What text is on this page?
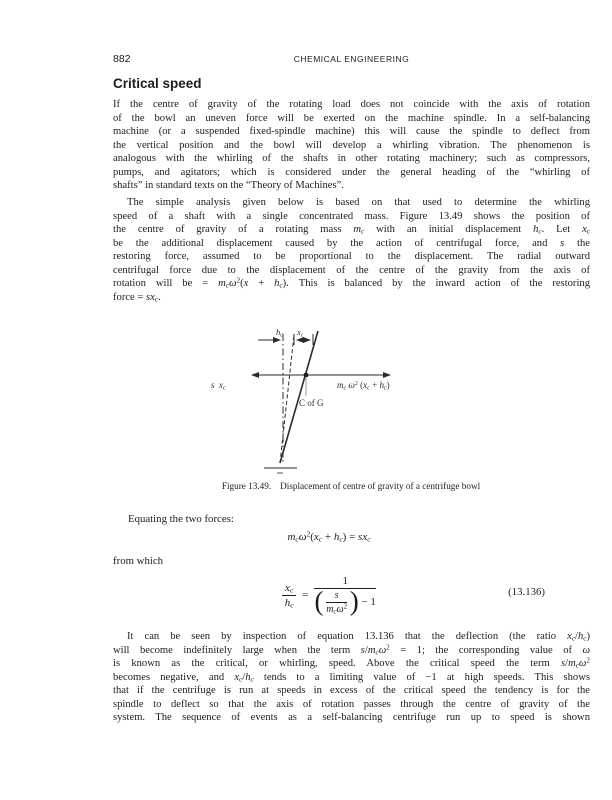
882	CHEMICAL ENGINEERING
Critical speed
If the centre of gravity of the rotating load does not coincide with the axis of rotation
of the bowl an uneven force will be exerted on the machine spindle. In a self-balancing
machine (or a suspended fixed-spindle machine) this will cause the spindle to deflect from
the vertical position and the bowl will develop a whirling vibration. The phenomenon is
analogous with the whirling of the shafts in other rotating machinery; such as compressors,
pumps, and agitators; which is considered under the general heading of the “whirling of
shafts” in standard texts on the “Theory of Machines”.
The simple analysis given below is based on that used to determine the whirling
speed of a shaft with a single concentrated mass. Figure 13.49 shows the position of
the centre of gravity of a rotating mass $m_c$ with an initial displacement $h_c$. Let $x_c$
be the additional displacement caused by the action of centrifugal force, and s the
restoring force, assumed to be proportional to the displacement. The radial outward
centrifugal force due to the displacement of the centre of the gravity from the axis of
rotation will be = $m_c\omega^2(x + h_c)$. This is balanced by the inward action of the restoring
force = $sx_c$.
$h_c$ $x_c$
s $x_c$	$m_c$ $\omega^2$ $(x_c + h_c)$
C of G
Figure 13.49. Displacement of centre of gravity of a centrifuge bowl
Equating the two forces:
$m_c\omega^2(x_c + h_c) = sx_c$
from which
$\frac{x_c}{h_c}$ =
1
( $\frac{s}{m_c\omega^2}$ ) − 1
(13.136)
It can be seen by inspection of equation 13.136 that the deflection (the ratio $x_c/h_c$)
will become indefinitely large when the term $s/m_c\omega^2 = 1$; the corresponding value of ω
is known as the critical, or whirling, speed. Above the critical speed the term $s/m_c\omega^2$
becomes negative, and $x_c/h_c$ tends to a limiting value of −1 at high speeds. This shows
that if the centrifuge is run at speeds in excess of the critical speed the tendency is for the
spindle to deflect so that the axis of rotation passes through the centre of gravity of the
system. The sequence of events as a self-balancing centrifuge run up to speed is shown
